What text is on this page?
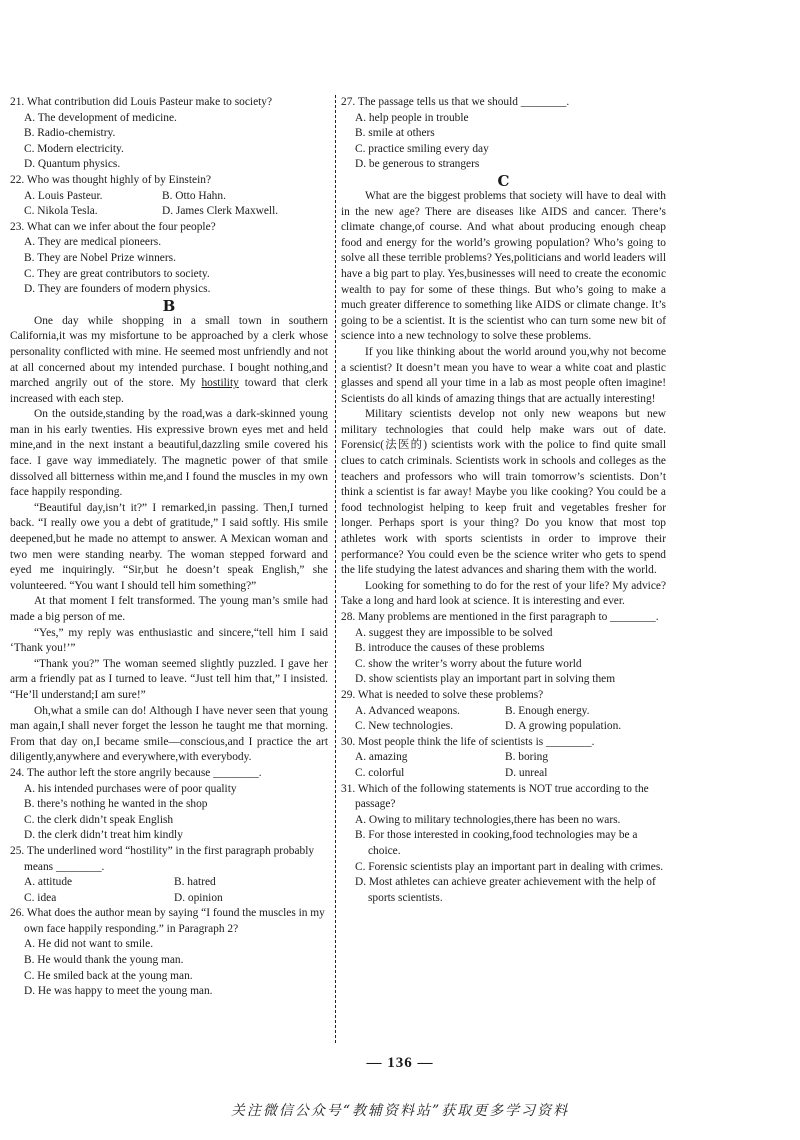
21. What contribution did Louis Pasteur make to society?

A. The development of medicine.

B. Radio-chemistry.

C. Modern electricity.

D. Quantum physics.

22. Who was thought highly of by Einstein?

A. Louis Pasteur.	B. Otto Hahn.
C. Nikola Tesla.	D. James Clerk Maxwell.

23. What can we infer about the four people?

A. They are medical pioneers.

B. They are Nobel Prize winners.

C. They are great contributors to society.

D. They are founders of modern physics.

B

One day while shopping in a small town in southern California,it was my misfortune to be approached by a clerk whose personality conflicted with mine. He seemed most unfriendly and not at all concerned about my intended purchase. I bought nothing,and marched angrily out of the store. My hostility toward that clerk increased with each step.

On the outside,standing by the road,was a dark-skinned young man in his early twenties. His expressive brown eyes met and held mine,and in the next instant a beautiful,dazzling smile covered his face. I gave way immediately. The magnetic power of that smile dissolved all bitterness within me,and I found the muscles in my own face happily responding.

“Beautiful day,isn’t it?” I remarked,in passing. Then,I turned back. “I really owe you a debt of gratitude,” I said softly. His smile deepened,but he made no attempt to answer. A Mexican woman and two men were standing nearby. The woman stepped forward and eyed me inquiringly. “Sir,but he doesn’t speak English,” she volunteered. “You want I should tell him something?”

At that moment I felt transformed. The young man’s smile had made a big person of me.

“Yes,” my reply was enthusiastic and sincere,“tell him I said ‘Thank you!’”

“Thank you?” The woman seemed slightly puzzled. I gave her arm a friendly pat as I turned to leave. “Just tell him that,” I insisted. “He’ll understand;I am sure!”

Oh,what a smile can do! Although I have never seen that young man again,I shall never forget the lesson he taught me that morning. From that day on,I became smile—conscious,and I practice the art diligently,anywhere and everywhere,with everybody.

24. The author left the store angrily because ________.

A. his intended purchases were of poor quality

B. there’s nothing he wanted in the shop

C. the clerk didn’t speak English

D. the clerk didn’t treat him kindly

25. The underlined word “hostility” in the first paragraph probably means ________.

A. attitude	B. hatred
C. idea	D. opinion

26. What does the author mean by saying “I found the muscles in my own face happily responding.” in Paragraph 2?

A. He did not want to smile.

B. He would thank the young man.

C. He smiled back at the young man.

D. He was happy to meet the young man.

27. The passage tells us that we should ________.

A. help people in trouble

B. smile at others

C. practice smiling every day

D. be generous to strangers

C

What are the biggest problems that society will have to deal with in the new age? There are diseases like AIDS and cancer. There’s climate change,of course. And what about producing enough cheap food and energy for the world’s growing population? Who’s going to solve all these terrible problems? Yes,politicians and world leaders will have a big part to play. Yes,businesses will need to create the economic wealth to pay for some of these things. But who’s going to make a much greater difference to something like AIDS or climate change. It’s going to be a scientist. It is the scientist who can turn some new bit of science into a new technology to solve these problems.

If you like thinking about the world around you,why not become a scientist? It doesn’t mean you have to wear a white coat and plastic glasses and spend all your time in a lab as most people often imagine! Scientists do all kinds of amazing things that are actually interesting!

Military scientists develop not only new weapons but new military technologies that could help make wars out of date. Forensic(法医的) scientists work with the police to find quite small clues to catch criminals. Scientists work in schools and colleges as the teachers and professors who will train tomorrow’s scientists. Don’t think a scientist is far away! Maybe you like cooking? You could be a food technologist helping to keep fruit and vegetables fresher for longer. Perhaps sport is your thing? Do you know that most top athletes work with sports scientists in order to improve their performance? You could even be the science writer who gets to spend the life studying the latest advances and sharing them with the world.

Looking for something to do for the rest of your life? My advice? Take a long and hard look at science. It is interesting and ever.

28. Many problems are mentioned in the first paragraph to ________.

A. suggest they are impossible to be solved

B. introduce the causes of these problems

C. show the writer’s worry about the future world

D. show scientists play an important part in solving them

29. What is needed to solve these problems?

A. Advanced weapons.	B. Enough energy.
C. New technologies.	D. A growing population.

30. Most people think the life of scientists is ________.

A. amazing	B. boring
C. colorful	D. unreal

31. Which of the following statements is NOT true according to the passage?

A. Owing to military technologies,there has been no wars.

B. For those interested in cooking,food technologies may be a choice.

C. Forensic scientists play an important part in dealing with crimes.

D. Most athletes can achieve greater achievement with the help of sports scientists.

— 136 —
关注微信公众号“教辅资料站”获取更多学习资料
